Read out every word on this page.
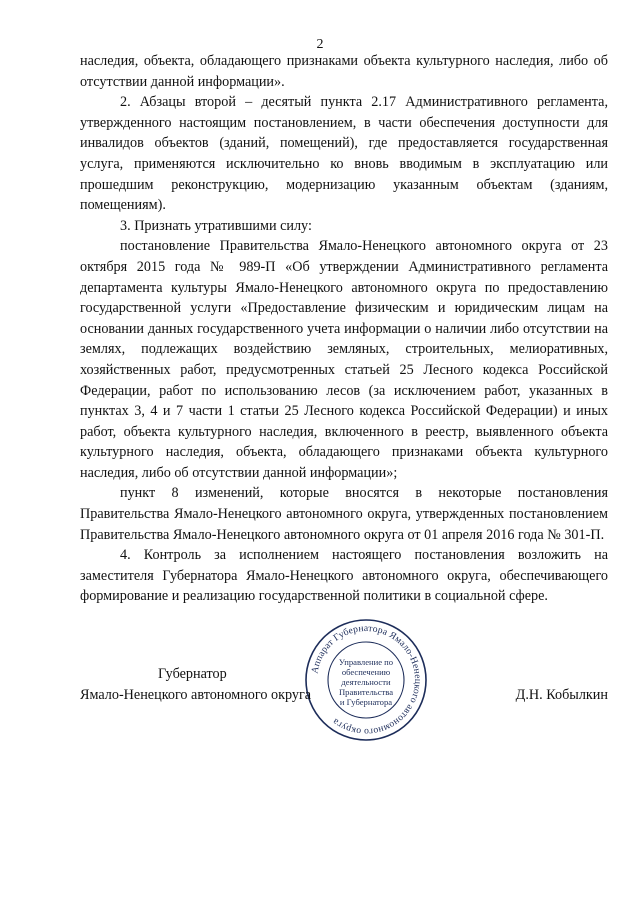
2

наследия, объекта, обладающего признаками объекта культурного наследия, либо об отсутствии данной информации».

2. Абзацы второй – десятый пункта 2.17 Административного регламента, утвержденного настоящим постановлением, в части обеспечения доступности для инвалидов объектов (зданий, помещений), где предоставляется государственная услуга, применяются исключительно ко вновь вводимым в эксплуатацию или прошедшим реконструкцию, модернизацию указанным объектам (зданиям, помещениям).

3. Признать утратившими силу:

постановление Правительства Ямало-Ненецкого автономного округа от 23 октября 2015 года № 989-П «Об утверждении Административного регламента департамента культуры Ямало-Ненецкого автономного округа по предоставлению государственной услуги «Предоставление физическим и юридическим лицам на основании данных государственного учета информации о наличии либо отсутствии на землях, подлежащих воздействию земляных, строительных, мелиоративных, хозяйственных работ, предусмотренных статьей 25 Лесного кодекса Российской Федерации, работ по использованию лесов (за исключением работ, указанных в пунктах 3, 4 и 7 части 1 статьи 25 Лесного кодекса Российской Федерации) и иных работ, объекта культурного наследия, включенного в реестр, выявленного объекта культурного наследия, объекта, обладающего признаками объекта культурного наследия, либо об отсутствии данной информации»;

пункт 8 изменений, которые вносятся в некоторые постановления Правительства Ямало-Ненецкого автономного округа, утвержденных постановлением Правительства Ямало-Ненецкого автономного округа от 01 апреля 2016 года № 301-П.

4. Контроль за исполнением настоящего постановления возложить на заместителя Губернатора Ямало-Ненецкого автономного округа, обеспечивающего формирование и реализацию государственной политики в социальной сфере.

Аппарат Губернатора Ямало-Ненецкого автономного округа
Управление по
обеспечению
деятельности
Правительства
и Губернатора
Губернатор
Ямало-Ненецкого автономного округа	Д.Н. Кобылкин
